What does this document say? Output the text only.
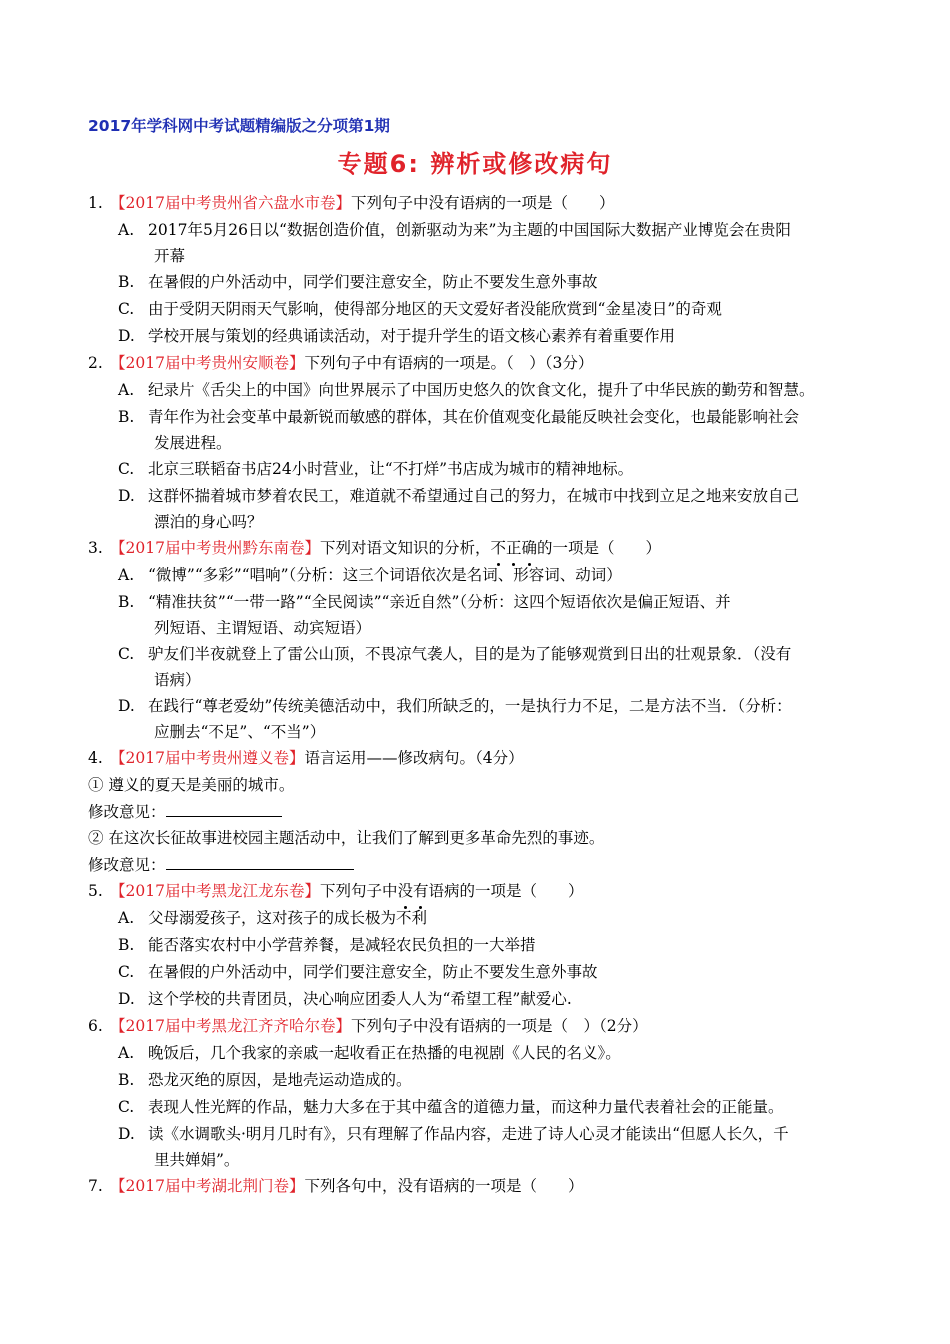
2017年学科网中考试题精编版之分项第1期
专题6: 辨析或修改病句
1. 【2017届中考贵州省六盘水市卷】下列句子中没有语病的一项是（　　）
A. 2017年5月26日以“数据创造价值，创新驱动为来”为主题的中国国际大数据产业博览会在贵阳
开幕
B. 在暑假的户外活动中，同学们要注意安全，防止不要发生意外事故
C. 由于受阴天阴雨天气影响，使得部分地区的天文爱好者没能欣赏到“金星凌日”的奇观
D. 学校开展与策划的经典诵读活动，对于提升学生的语文核心素养有着重要作用
2. 【2017届中考贵州安顺卷】下列句子中有语病的一项是。（　）（3分）
A. 纪录片《舌尖上的中国》向世界展示了中国历史悠久的饮食文化，提升了中华民族的勤劳和智慧。
B. 青年作为社会变革中最新锐而敏感的群体，其在价值观变化最能反映社会变化，也最能影响社会
发展进程。
C. 北京三联韬奋书店24小时营业，让“不打烊”书店成为城市的精神地标。
D. 这群怀揣着城市梦着农民工，难道就不希望通过自己的努力，在城市中找到立足之地来安放自己
漂泊的身心吗？
3. 【2017届中考贵州黔东南卷】下列对语文知识的分析，不正确的一项是（　　）
A. “微博”“多彩”“唱响”（分析：这三个词语依次是名词、形容词、动词）
B. “精准扶贫”“一带一路”“全民阅读”“亲近自然”（分析：这四个短语依次是偏正短语、并
列短语、主谓短语、动宾短语）
C. 驴友们半夜就登上了雷公山顶，不畏凉气袭人，目的是为了能够观赏到日出的壮观景象．（没有
语病）
D. 在践行“尊老爱幼”传统美德活动中，我们所缺乏的，一是执行力不足，二是方法不当．（分析：
应删去“不足”、“不当”）
4. 【2017届中考贵州遵义卷】语言运用——修改病句。（4分）
① 遵义的夏天是美丽的城市。
修改意见：
② 在这次长征故事进校园主题活动中，让我们了解到更多革命先烈的事迹。
修改意见：
5. 【2017届中考黑龙江龙东卷】下列句子中没有语病的一项是（　　）
A. 父母溺爱孩子，这对孩子的成长极为不利
B. 能否落实农村中小学营养餐，是减轻农民负担的一大举措
C. 在暑假的户外活动中，同学们要注意安全，防止不要发生意外事故
D. 这个学校的共青团员，决心响应团委人人为“希望工程”献爱心.
6. 【2017届中考黑龙江齐齐哈尔卷】下列句子中没有语病的一项是（　）（2分）
A. 晚饭后，几个我家的亲戚一起收看正在热播的电视剧《人民的名义》。
B. 恐龙灭绝的原因，是地壳运动造成的。
C. 表现人性光辉的作品，魅力大多在于其中蕴含的道德力量，而这种力量代表着社会的正能量。
D. 读《水调歌头·明月几时有》，只有理解了作品内容，走进了诗人心灵才能读出“但愿人长久，千
里共婵娟”。
7. 【2017届中考湖北荆门卷】下列各句中，没有语病的一项是（　　）
